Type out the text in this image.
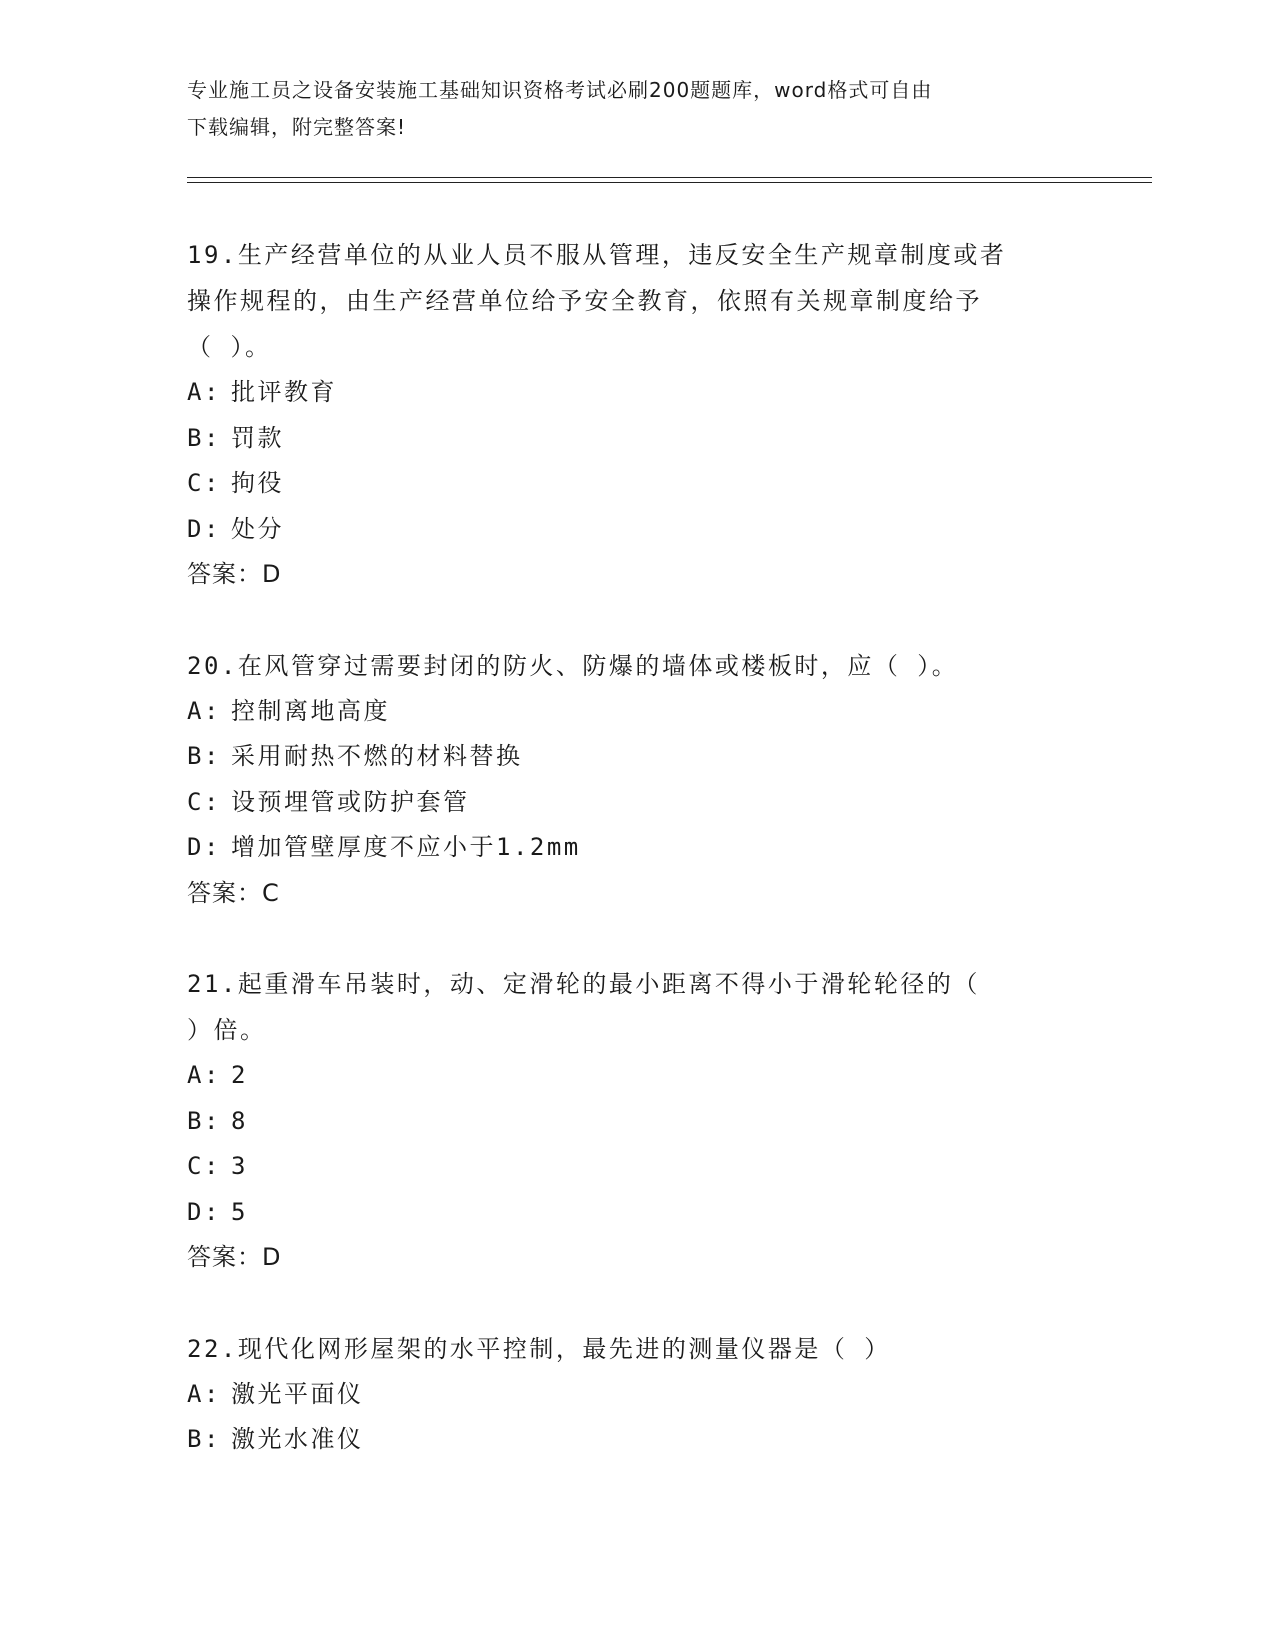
专业施工员之设备安装施工基础知识资格考试必刷200题题库，word格式可自由
下载编辑，附完整答案!
19.生产经营单位的从业人员不服从管理，违反安全生产规章制度或者
操作规程的，由生产经营单位给予安全教育，依照有关规章制度给予
（ ）。
A: 批评教育
B: 罚款
C: 拘役
D: 处分
答案：D
20.在风管穿过需要封闭的防火、防爆的墙体或楼板时，应（ ）。
A: 控制离地高度
B: 采用耐热不燃的材料替换
C: 设预埋管或防护套管
D: 增加管壁厚度不应小于1.2mm
答案：C
21.起重滑车吊装时，动、定滑轮的最小距离不得小于滑轮轮径的（
）倍。
A: 2
B: 8
C: 3
D: 5
答案：D
22.现代化网形屋架的水平控制，最先进的测量仪器是（ ）
A: 激光平面仪
B: 激光水准仪
